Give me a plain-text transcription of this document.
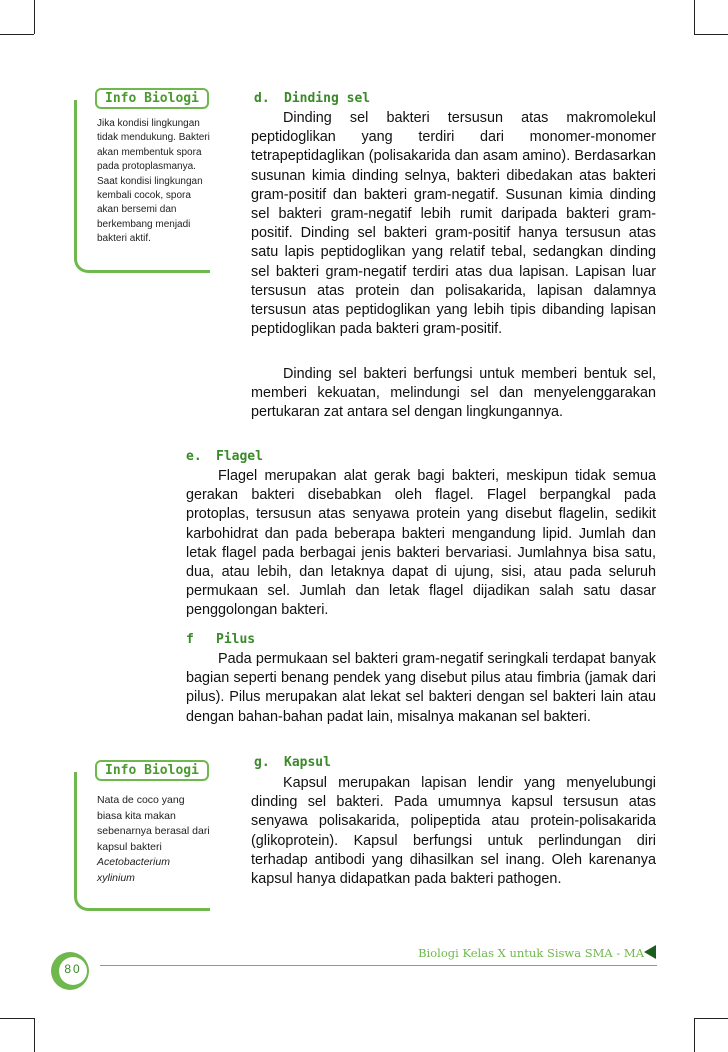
Info Biologi
Jika kondisi lingkungan tidak mendukung. Bakteri akan membentuk spora pada protoplasmanya. Saat kondisi lingkungan kembali cocok, spora akan bersemi dan berkembang menjadi bakteri aktif.
d. Dinding sel
Dinding sel bakteri tersusun atas makromolekul peptidoglikan yang terdiri dari monomer-monomer tetrapeptidaglikan (polisakarida dan asam amino). Berdasarkan susunan kimia dinding selnya, bakteri dibedakan atas bakteri gram-positif dan bakteri gram-negatif. Susunan kimia dinding sel bakteri gram-negatif lebih rumit daripada bakteri gram-positif. Dinding sel bakteri gram-positif hanya tersusun atas satu lapis peptidoglikan yang relatif tebal, sedangkan dinding sel bakteri gram-negatif terdiri atas dua lapisan. Lapisan luar tersusun atas protein dan polisakarida, lapisan dalamnya tersusun atas peptidoglikan yang lebih tipis dibanding lapisan peptidoglikan pada bakteri gram-positif.
Dinding sel bakteri berfungsi untuk memberi bentuk sel, memberi kekuatan, melindungi sel dan menyelenggarakan pertukaran zat antara sel dengan lingkungannya.
e. Flagel
Flagel merupakan alat gerak bagi bakteri, meskipun tidak semua gerakan bakteri disebabkan oleh flagel. Flagel berpangkal pada protoplas, tersusun atas senyawa protein yang disebut flagelin, sedikit karbohidrat dan pada beberapa bakteri mengandung lipid. Jumlah dan letak flagel pada berbagai jenis bakteri bervariasi. Jumlahnya bisa satu, dua, atau lebih, dan letaknya dapat di ujung, sisi, atau pada seluruh permukaan sel. Jumlah dan letak flagel dijadikan salah satu dasar penggolongan bakteri.
f Pilus
Pada permukaan sel bakteri gram-negatif seringkali terdapat banyak bagian seperti benang pendek yang disebut pilus atau fimbria (jamak dari pilus). Pilus merupakan alat lekat sel bakteri dengan sel bakteri lain atau dengan bahan-bahan padat lain, misalnya makanan sel bakteri.
Info Biologi
Nata de coco yang biasa kita makan sebenarnya berasal dari kapsul bakteri Acetobacterium xylinium
g. Kapsul
Kapsul merupakan lapisan lendir yang menyelubungi dinding sel bakteri. Pada umumnya kapsul tersusun atas senyawa polisakarida, polipeptida atau protein-polisakarida (glikoprotein). Kapsul berfungsi untuk perlindungan diri terhadap antibodi yang dihasilkan sel inang. Oleh karenanya kapsul hanya didapatkan pada bakteri pathogen.
Biologi Kelas X untuk Siswa SMA - MA
80
